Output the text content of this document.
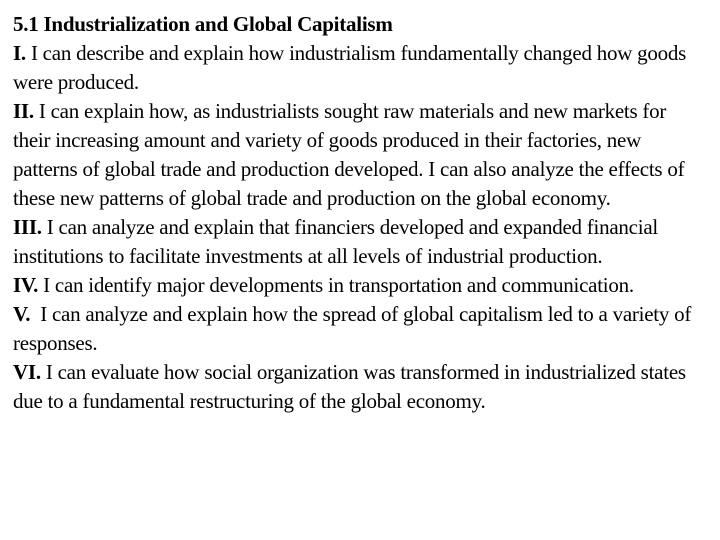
5.1 Industrialization and Global Capitalism

I. I can describe and explain how industrialism fundamentally changed how goods were produced.

II. I can explain how, as industrialists sought raw materials and new markets for their increasing amount and variety of goods produced in their factories, new patterns of global trade and production developed. I can also analyze the effects of these new patterns of global trade and production on the global economy.

III. I can analyze and explain that financiers developed and expanded financial institutions to facilitate investments at all levels of industrial production.

IV. I can identify major developments in transportation and communication.

V.  I can analyze and explain how the spread of global capitalism led to a variety of responses.

VI. I can evaluate how social organization was transformed in industrialized states due to a fundamental restructuring of the global economy.
